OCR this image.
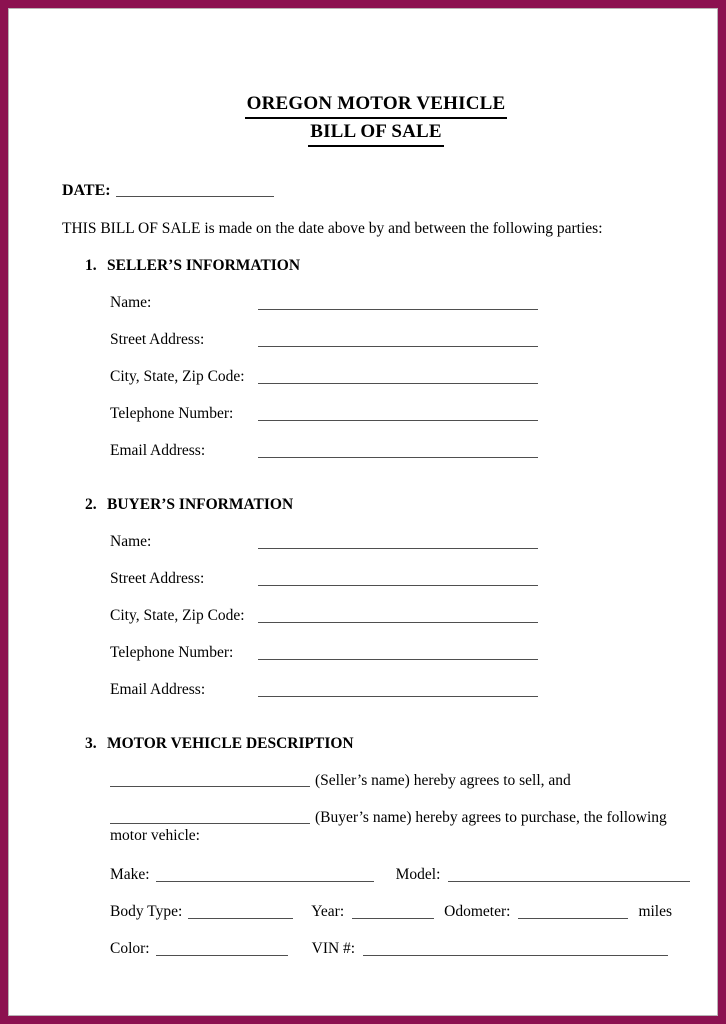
OREGON MOTOR VEHICLE
BILL OF SALE
DATE:
THIS BILL OF SALE is made on the date above by and between the following parties:
1. SELLER’S INFORMATION
Name:
Street Address:
City, State, Zip Code:
Telephone Number:
Email Address:
2. BUYER’S INFORMATION
Name:
Street Address:
City, State, Zip Code:
Telephone Number:
Email Address:
3. MOTOR VEHICLE DESCRIPTION
(Seller’s name) hereby agrees to sell, and
(Buyer’s name) hereby agrees to purchase, the following
motor vehicle:
Make:	Model:
Body Type:	Year:	Odometer:	miles
Color:	VIN #:
